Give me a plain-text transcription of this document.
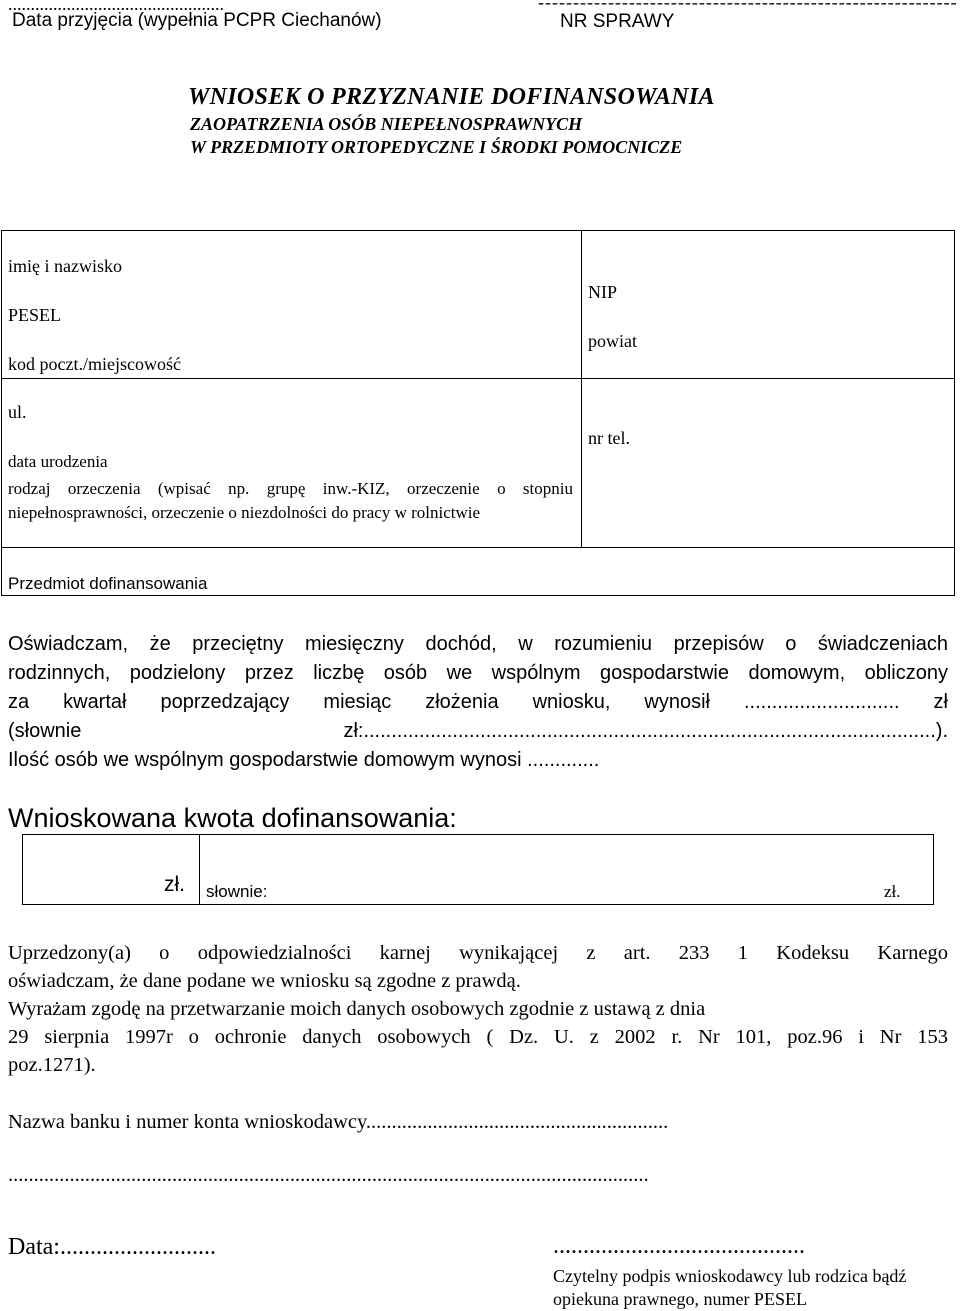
................................................
Data przyjęcia (wypełnia PCPR Ciechanów)
------------------------------------------------------------
NR SPRAWY
WNIOSEK O PRZYZNANIE DOFINANSOWANIA
ZAOPATRZENIA OSÓB NIEPEŁNOSPRAWNYCH
W PRZEDMIOTY ORTOPEDYCZNE I ŚRODKI POMOCNICZE
imię i nazwisko
PESEL
kod poczt./miejscowość
NIP
powiat
ul.
nr tel.
data urodzenia
rodzaj orzeczenia (wpisać np. grupę inw.-KIZ, orzeczenie o stopniu niepełnosprawności, orzeczenie o niezdolności do pracy w rolnictwie
Przedmiot dofinansowania
Oświadczam, że przeciętny miesięczny dochód, w rozumieniu przepisów o świadczeniach
rodzinnych, podzielony przez liczbę osób we wspólnym gospodarstwie domowym, obliczony
za kwartał poprzedzający miesiąc złożenia wniosku, wynosił ............................ zł
(słownie zł:.......................................................................................................).
Ilość osób we wspólnym gospodarstwie domowym wynosi .............
Wnioskowana kwota dofinansowania:
zł. słownie:	zł.
Uprzedzony(a) o odpowiedzialności karnej wynikającej z art. 233 1 Kodeksu Karnego
oświadczam, że dane podane we wniosku są zgodne z prawdą.
Wyrażam zgodę na przetwarzanie moich danych osobowych zgodnie z ustawą z dnia
29 sierpnia 1997r o ochronie danych osobowych ( Dz. U. z 2002 r. Nr 101, poz.96 i Nr 153
poz.1271).
Nazwa banku i numer konta wnioskodawcy...........................................................
.............................................................................................................................
Data:..........................	..........................................
Czytelny podpis wnioskodawcy lub rodzica bądź opiekuna prawnego, numer PESEL
